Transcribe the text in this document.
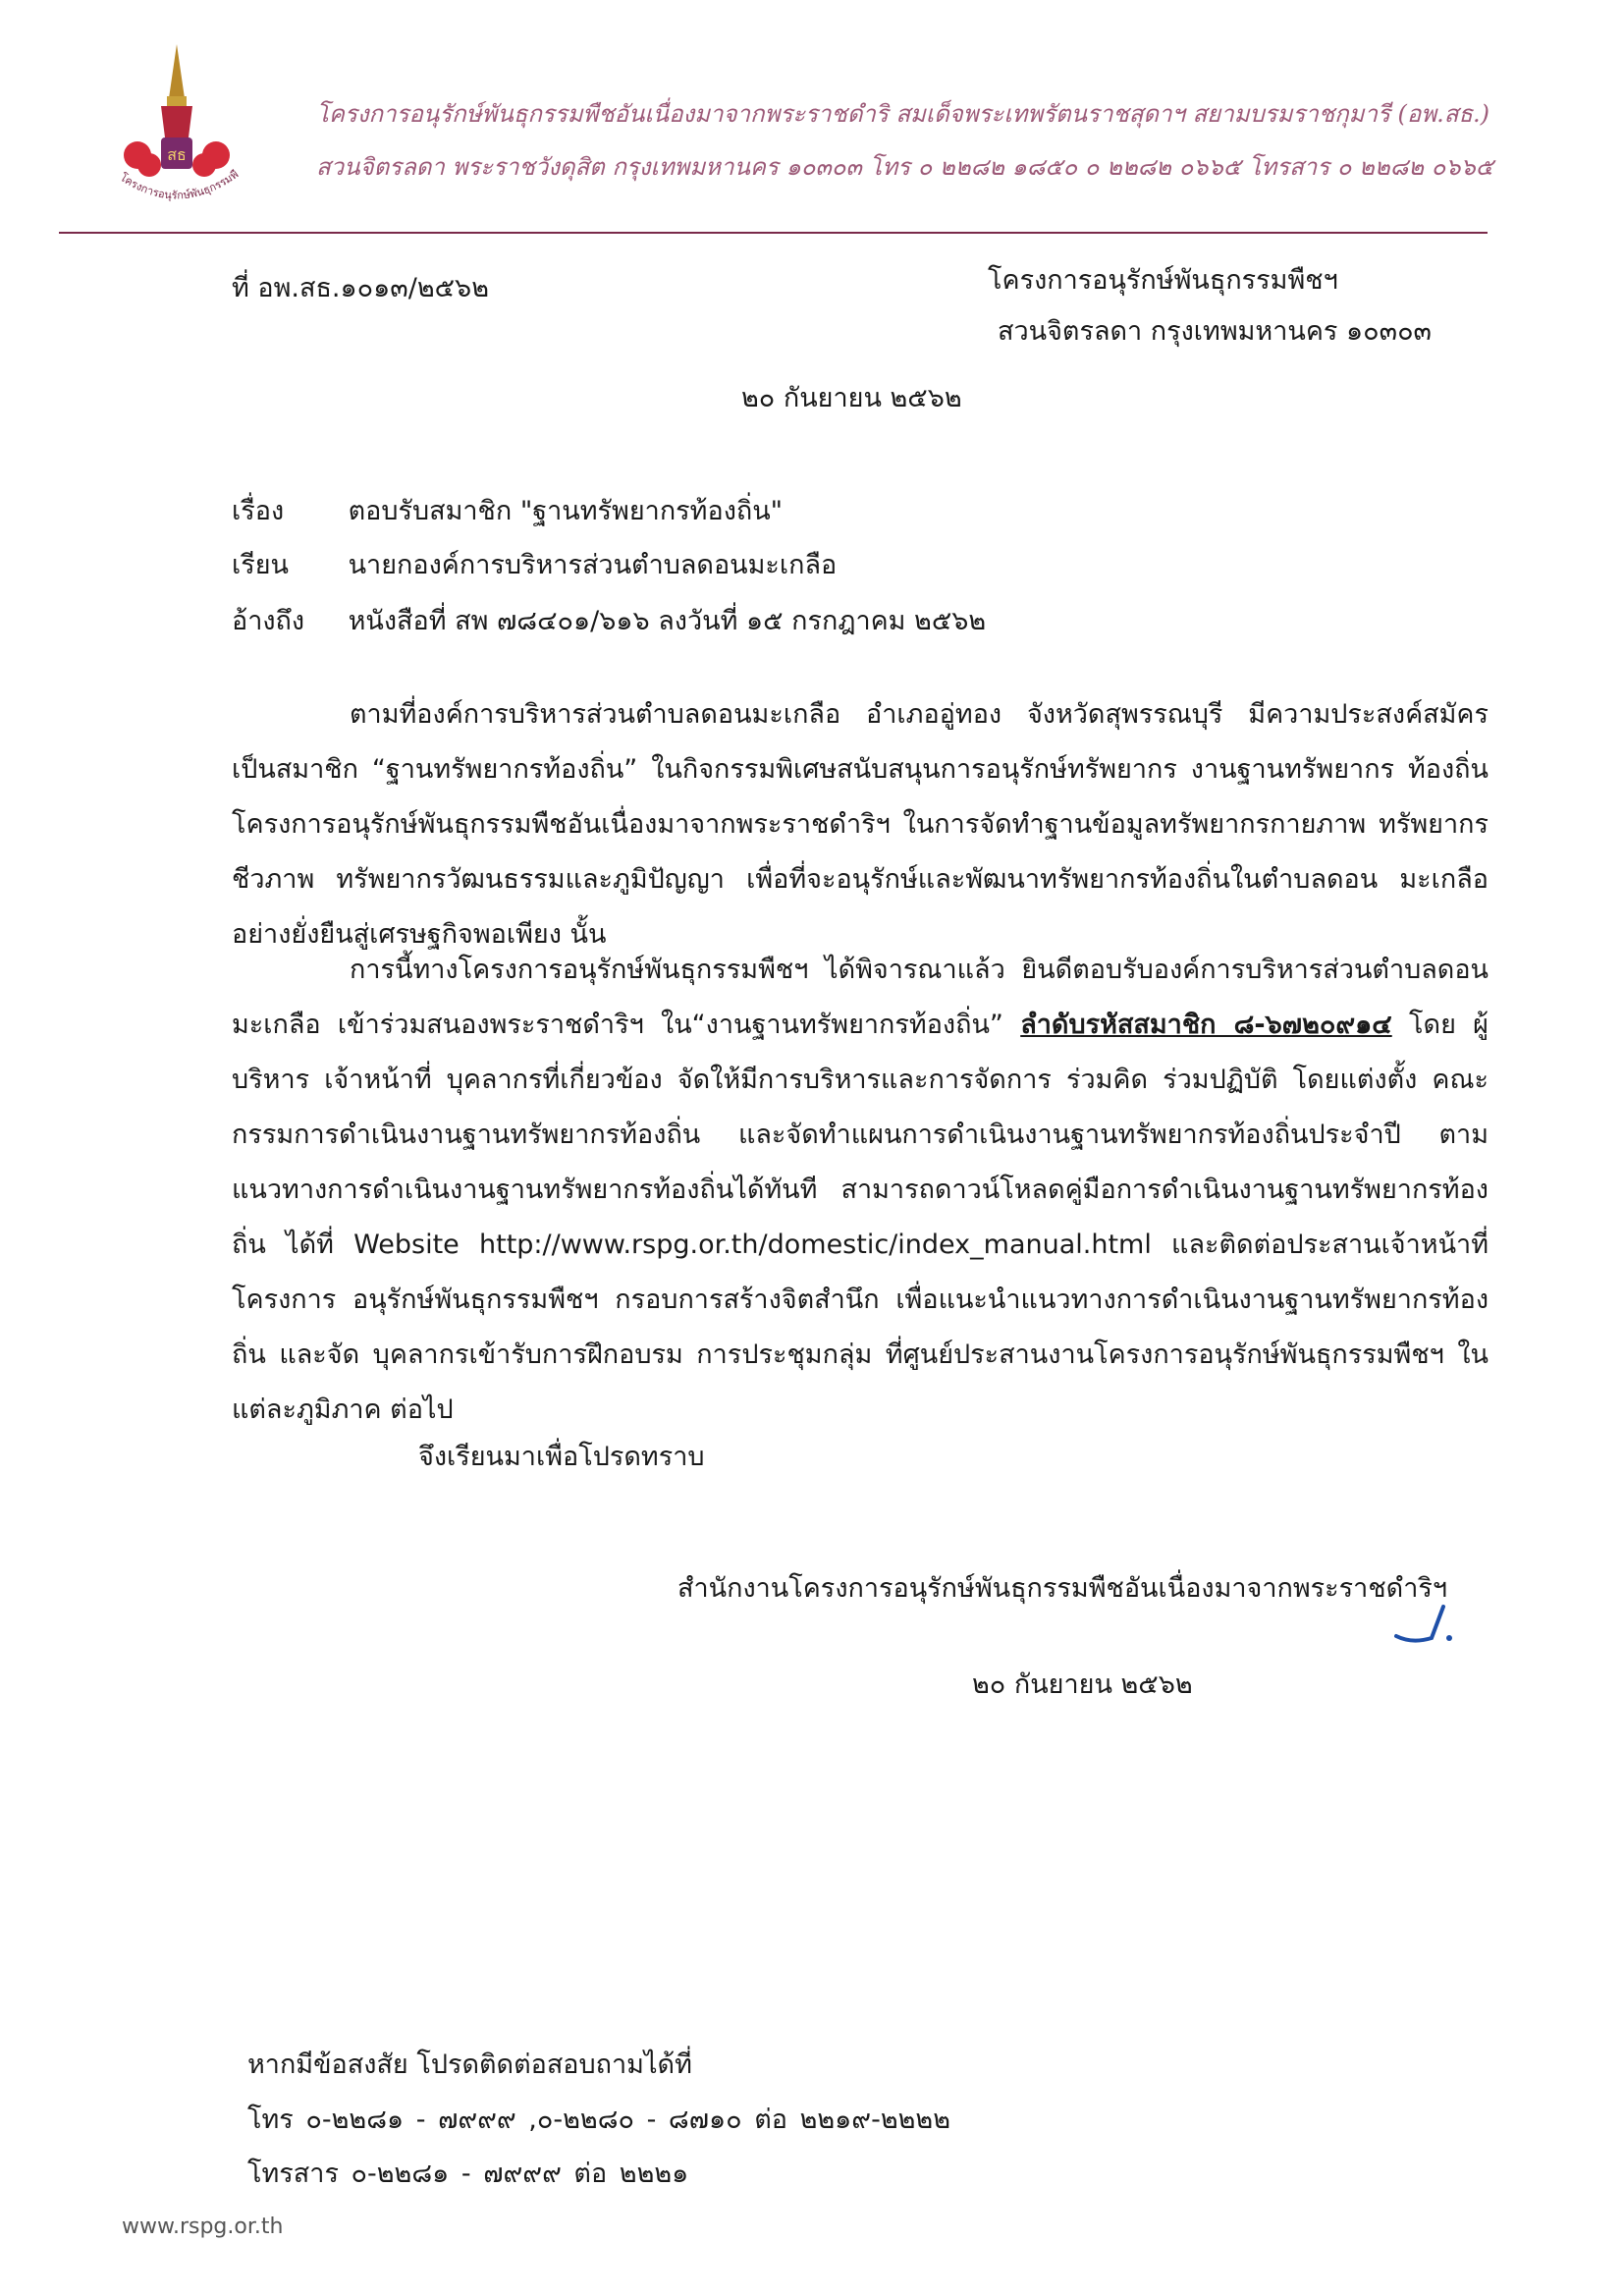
สธ
โครงการอนุรักษ์พันธุกรรมพื
โครงการอนุรักษ์พันธุกรรมพืชอันเนื่องมาจากพระราชดำริ สมเด็จพระเทพรัตนราชสุดาฯ สยามบรมราชกุมารี (อพ.สธ.)
สวนจิตรลดา พระราชวังดุสิต กรุงเทพมหานคร ๑๐๓๐๓ โทร ๐ ๒๒๘๒ ๑๘๕๐ ๐ ๒๒๘๒ ๐๖๖๕ โทรสาร ๐ ๒๒๘๒ ๐๖๖๕
ที่ อพ.สธ.๑๐๑๓/๒๕๖๒	โครงการอนุรักษ์พันธุกรรมพืชฯ
สวนจิตรลดา กรุงเทพมหานคร ๑๐๓๐๓
๒๐ กันยายน ๒๕๖๒
เรื่อง ตอบรับสมาชิก "ฐานทรัพยากรท้องถิ่น"
เรียน นายกองค์การบริหารส่วนตำบลดอนมะเกลือ
อ้างถึง หนังสือที่ สพ ๗๘๔๐๑/๖๑๖ ลงวันที่ ๑๕ กรกฎาคม ๒๕๖๒
ตามที่องค์การบริหารส่วนตำบลดอนมะเกลือ อำเภออู่ทอง จังหวัดสุพรรณบุรี มีความประสงค์สมัคร เป็นสมาชิก “ฐานทรัพยากรท้องถิ่น” ในกิจกรรมพิเศษสนับสนุนการอนุรักษ์ทรัพยากร งานฐานทรัพยากร ท้องถิ่น โครงการอนุรักษ์พันธุกรรมพืชอันเนื่องมาจากพระราชดำริฯ ในการจัดทำฐานข้อมูลทรัพยากรกายภาพ ทรัพยากรชีวภาพ ทรัพยากรวัฒนธรรมและภูมิปัญญา เพื่อที่จะอนุรักษ์และพัฒนาทรัพยากรท้องถิ่นในตำบลดอน มะเกลือ อย่างยั่งยืนสู่เศรษฐกิจพอเพียง นั้น
การนี้ทางโครงการอนุรักษ์พันธุกรรมพืชฯ ได้พิจารณาแล้ว ยินดีตอบรับองค์การบริหารส่วนตำบลดอน มะเกลือ เข้าร่วมสนองพระราชดำริฯ ใน“งานฐานทรัพยากรท้องถิ่น” ลำดับรหัสสมาชิก ๘-๖๗๒๐๙๑๔ โดย ผู้บริหาร เจ้าหน้าที่ บุคลากรที่เกี่ยวข้อง จัดให้มีการบริหารและการจัดการ ร่วมคิด ร่วมปฏิบัติ โดยแต่งตั้ง คณะกรรมการดำเนินงานฐานทรัพยากรท้องถิ่น และจัดทำแผนการดำเนินงานฐานทรัพยากรท้องถิ่นประจำปี ตาม แนวทางการดำเนินงานฐานทรัพยากรท้องถิ่นได้ทันที สามารถดาวน์โหลดคู่มือการดำเนินงานฐานทรัพยากรท้องถิ่น ได้ที่ Website http://www.rspg.or.th/domestic/index_manual.html และติดต่อประสานเจ้าหน้าที่โครงการ อนุรักษ์พันธุกรรมพืชฯ กรอบการสร้างจิตสำนึก เพื่อแนะนำแนวทางการดำเนินงานฐานทรัพยากรท้องถิ่น และจัด บุคลากรเข้ารับการฝึกอบรม การประชุมกลุ่ม ที่ศูนย์ประสานงานโครงการอนุรักษ์พันธุกรรมพืชฯ ในแต่ละภูมิภาค ต่อไป
จึงเรียนมาเพื่อโปรดทราบ
สำนักงานโครงการอนุรักษ์พันธุกรรมพืชอันเนื่องมาจากพระราชดำริฯ
๒๐ กันยายน ๒๕๖๒
หากมีข้อสงสัย โปรดติดต่อสอบถามได้ที่
โทร ๐-๒๒๘๑ - ๗๙๙๙ ,๐-๒๒๘๐ - ๘๗๑๐ ต่อ ๒๒๑๙-๒๒๒๒
โทรสาร ๐-๒๒๘๑ - ๗๙๙๙ ต่อ ๒๒๒๑
www.rspg.or.th
